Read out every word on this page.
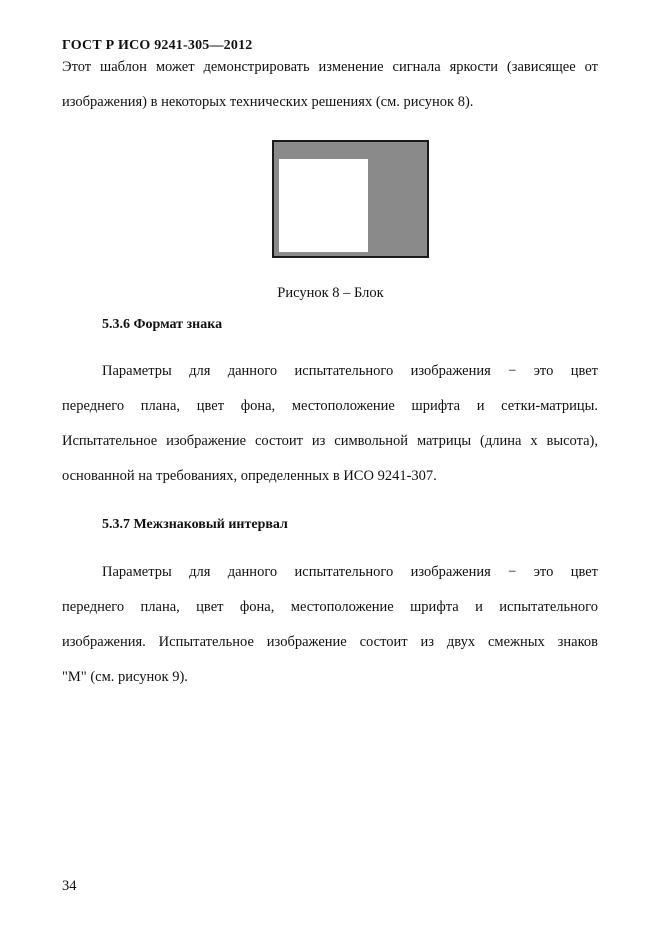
ГОСТ Р ИСО 9241-305—2012
Этот шаблон может демонстрировать изменение сигнала яркости (зависящее от
изображения) в некоторых технических решениях (см. рисунок 8).
Рисунок 8 – Блок
5.3.6 Формат знака
Параметры для данного испытательного изображения − это цвет
переднего плана, цвет фона, местоположение шрифта и сетки-матрицы.
Испытательное изображение состоит из символьной матрицы (длина x высота),
основанной на требованиях, определенных в ИСО 9241-307.
5.3.7 Межзнаковый интервал
Параметры для данного испытательного изображения − это цвет
переднего плана, цвет фона, местоположение шрифта и испытательного
изображения. Испытательное изображение состоит из двух смежных знаков
"M" (см. рисунок 9).
34
